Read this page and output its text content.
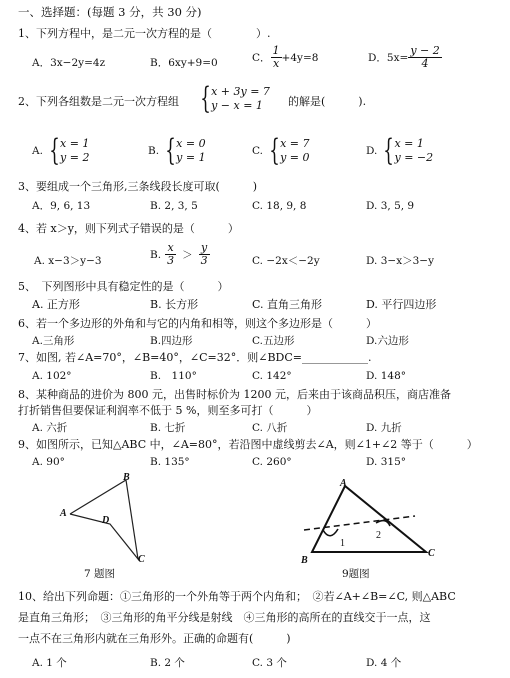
一、选择题：(每题 3 分，共 30 分)
1、下列方程中，是二元一次方程的是（　　　　）.
A．3x−2y=4z	B．6xy+9=0	C． $\frac{1}{x} +4y=8$	D．$5x= \frac{y - 2}{4}$
2、下列各组数是二元一次方程组 { x + 3y = 7
y − x = 1	的解是(　　　).
A. { x = 1
y = 2	B. { x = 0
y = 1	C. { x = 7
y = 0	D. { x = 1
y = −2
3、要组成一个三角形,三条线段长度可取(　　　)
A．9, 6, 13	B. 2, 3, 5	C. 18, 9, 8	D. 3, 5, 9
4、若 x＞y，则下列式子错误的是（　　　）
A. x−3＞y−3
B. $\frac{x}{3} > \frac{y}{3}$	C. −2x＜−2y	D. 3−x＞3−y
5、　下列图形中具有稳定性的是（　　　）
A. 正方形	B. 长方形	C. 直角三角形	D. 平行四边形
6、若一个多边形的外角和与它的内角和相等，则这个多边形是（　　　）
A.三角形	B.四边形	C.五边形	D.六边形
7、如图, 若∠A=70°，∠B=40°，∠C=32°．则∠BDC=____________.
A. 102°	B.　110°	C. 142°	D. 148°
8、某种商品的进价为 800 元，出售时标价为 1200 元，后来由于该商品积压，商店准备
打折销售但要保证利润率不低于 5 %，则至多可打（　　　）
A. 六折	B. 七折	C. 八折	D. 九折
9、如图所示，已知△ABC 中，∠A=80°，若沿图中虚线剪去∠A，则∠1+∠2 等于（　　　）
A. 90°	B. 135°	C. 260°	D. 315°
A
B
C
D
7 题图
A
B
C
1
2
9题图
10、给出下列命题：①三角形的一个外角等于两个内角和；　②若∠A+∠B=∠C, 则△ABC
是直角三角形；　③三角形的角平分线是射线　④三角形的高所在的直线交于一点，这
一点不在三角形内就在三角形外。正确的命题有(　　　)
A. 1 个	B. 2 个	C. 3 个	D. 4 个
